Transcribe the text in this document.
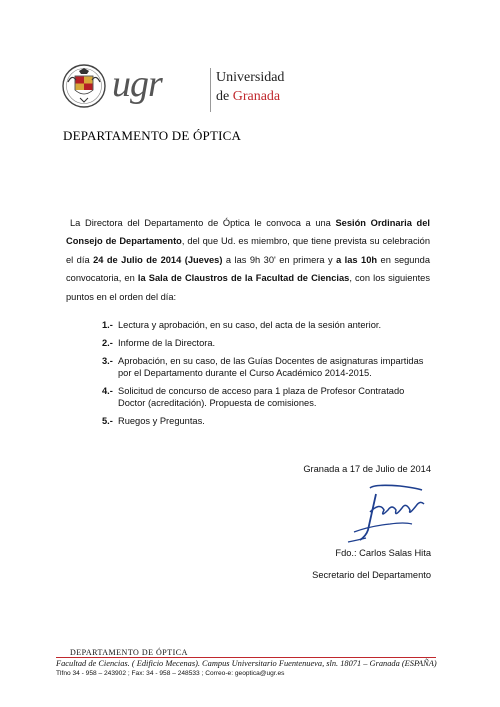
ugr	Universidad
de Granada
DEPARTAMENTO DE ÓPTICA
La Directora del Departamento de Óptica le convoca a una Sesión Ordinaria del Consejo de Departamento, del que Ud. es miembro, que tiene prevista su celebración el día 24 de Julio de 2014 (Jueves) a las 9h 30' en primera y a las 10h en segunda convocatoria, en la Sala de Claustros de la Facultad de Ciencias, con los siguientes puntos en el orden del día:
1.- Lectura y aprobación, en su caso, del acta de la sesión anterior.
2.- Informe de la Directora.
3.- Aprobación, en su caso, de las Guías Docentes de asignaturas impartidas por el Departamento durante el Curso Académico 2014-2015.
4.- Solicitud de concurso de acceso para 1 plaza de Profesor Contratado Doctor (acreditación). Propuesta de comisiones.
5.- Ruegos y Preguntas.
Granada a 17 de Julio de 2014
Fdo.: Carlos Salas Hita
Secretario del Departamento
DEPARTAMENTO DE ÓPTICA
Facultad de Ciencias. ( Edificio Mecenas). Campus Universitario Fuentenueva, sln. 18071 – Granada (ESPAÑA)
Tlfno 34 - 958 – 243902 ; Fax: 34 - 958 – 248533 ; Correo-e: geoptica@ugr.es
